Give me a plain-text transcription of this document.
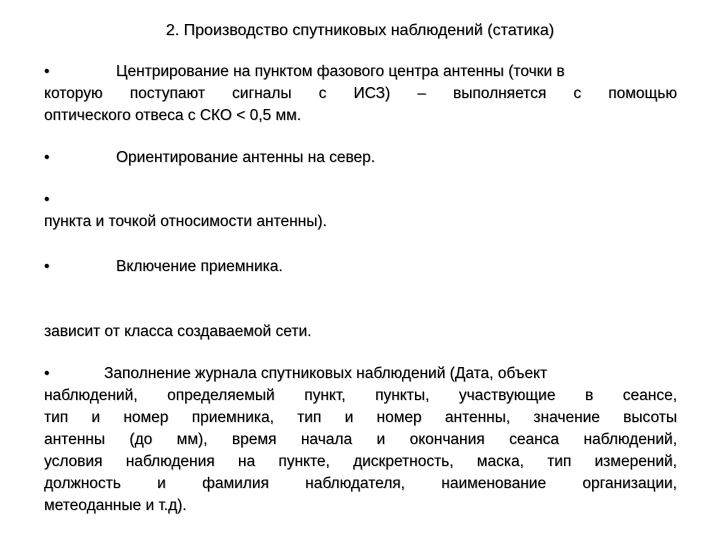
2. Производство спутниковых наблюдений (статика)
•	Центрирование на пунктом фазового центра антенны (точки в
которую поступают сигналы с ИСЗ) – выполняется с помощью
оптического отвеса с СКО < 0,5 мм.
•	Ориентирование антенны на север.
•
пункта и точкой относимости антенны).
•	Включение приемника.
зависит от класса создаваемой сети.
•	Заполнение журнала спутниковых наблюдений (Дата, объект
наблюдений, определяемый пункт, пункты, участвующие в сеансе,
тип и номер приемника, тип и номер антенны, значение высоты
антенны (до мм), время начала и окончания сеанса наблюдений,
условия наблюдения на пункте, дискретность, маска, тип измерений,
должность и фамилия наблюдателя, наименование организации,
метеоданные и т.д).
